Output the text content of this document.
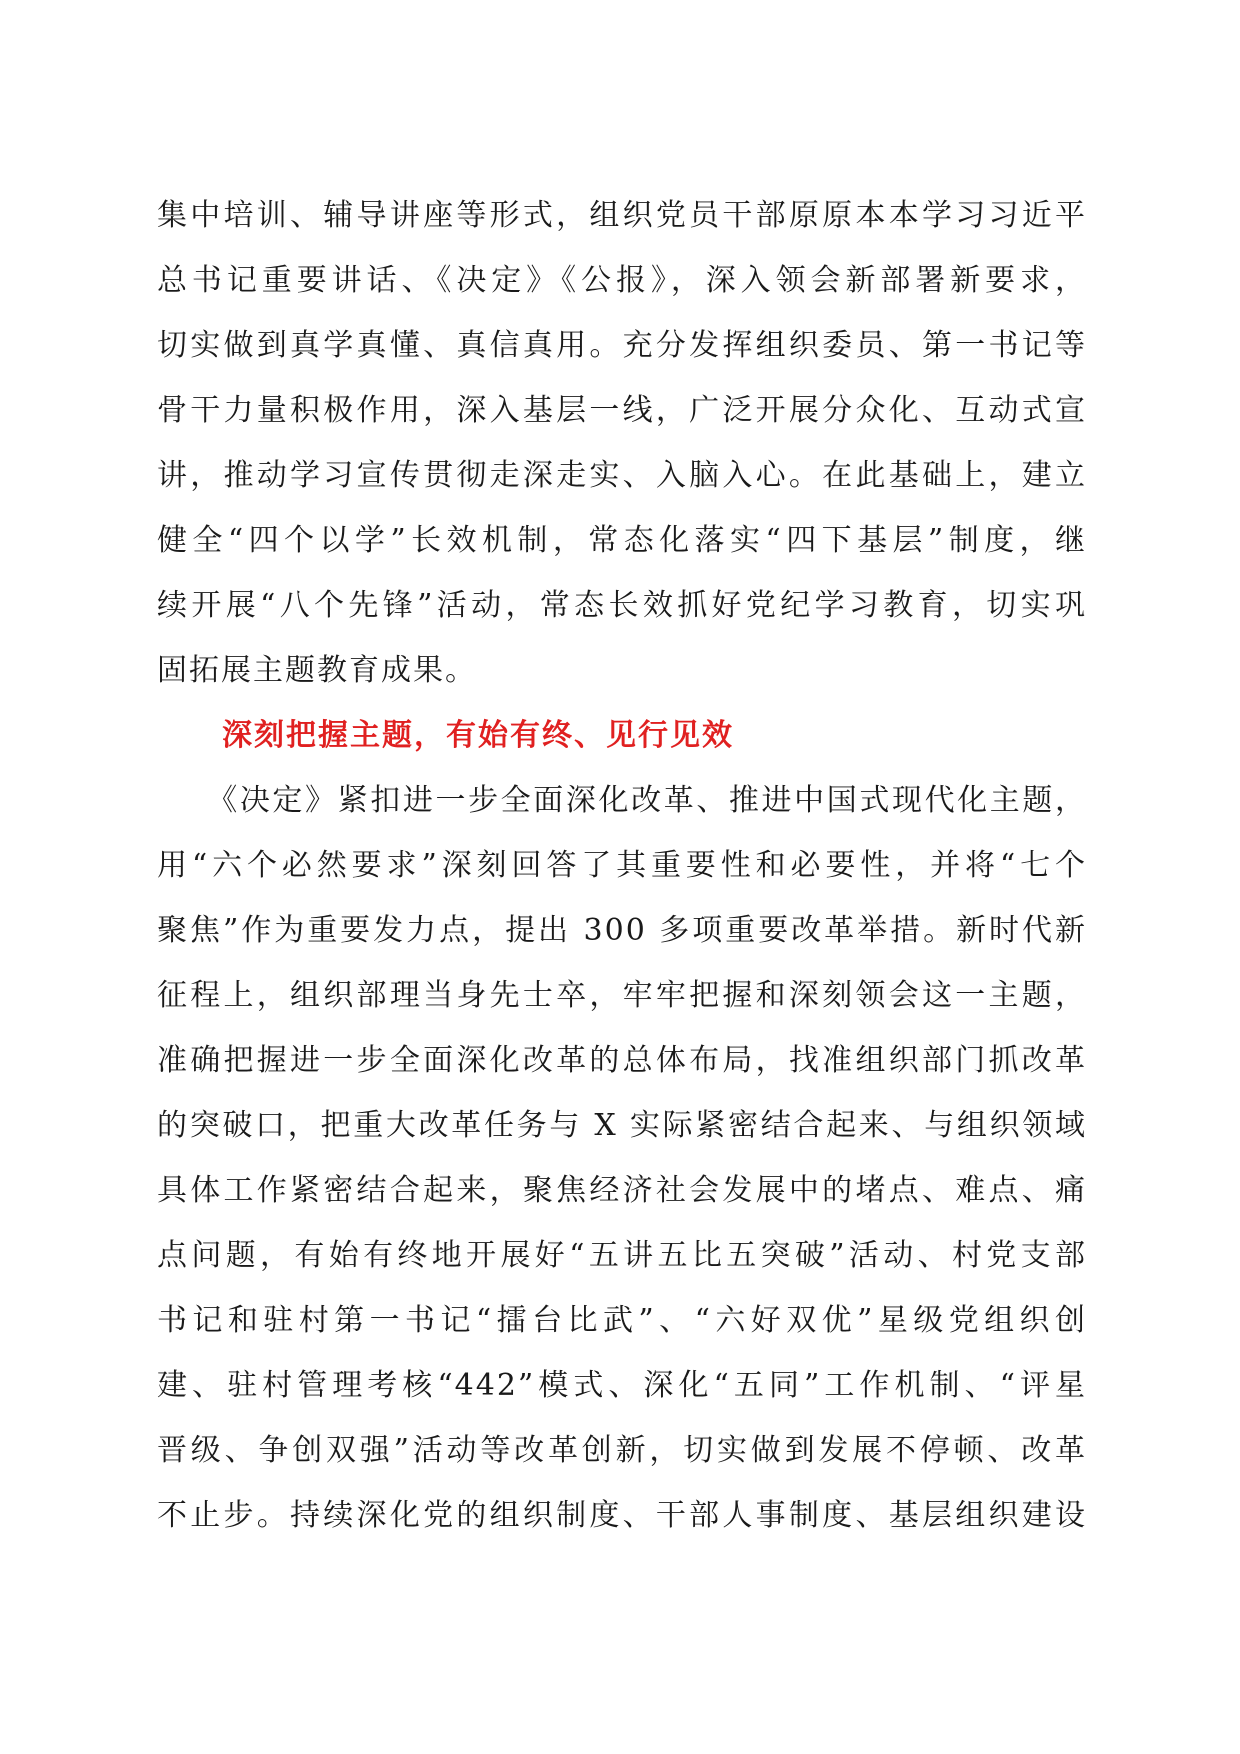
集中培训、辅导讲座等形式，组织党员干部原原本本学习习近平
总书记重要讲话、《决定》《公报》，深入领会新部署新要求，
切实做到真学真懂、真信真用。充分发挥组织委员、第一书记等
骨干力量积极作用，深入基层一线，广泛开展分众化、互动式宣
讲，推动学习宣传贯彻走深走实、入脑入心。在此基础上，建立
健全“四个以学”长效机制，常态化落实“四下基层”制度，继
续开展“八个先锋”活动，常态长效抓好党纪学习教育，切实巩
固拓展主题教育成果。
深刻把握主题，有始有终、见行见效
　　《决定》紧扣进一步全面深化改革、推进中国式现代化主题，
用“六个必然要求”深刻回答了其重要性和必要性，并将“七个
聚焦”作为重要发力点，提出 300 多项重要改革举措。新时代新
征程上，组织部理当身先士卒，牢牢把握和深刻领会这一主题，
准确把握进一步全面深化改革的总体布局，找准组织部门抓改革
的突破口，把重大改革任务与 X 实际紧密结合起来、与组织领域
具体工作紧密结合起来，聚焦经济社会发展中的堵点、难点、痛
点问题，有始有终地开展好“五讲五比五突破”活动、村党支部
书记和驻村第一书记“擂台比武”、“六好双优”星级党组织创
建、驻村管理考核“442”模式、深化“五同”工作机制、“评星
晋级、争创双强”活动等改革创新，切实做到发展不停顿、改革
不止步。持续深化党的组织制度、干部人事制度、基层组织建设
